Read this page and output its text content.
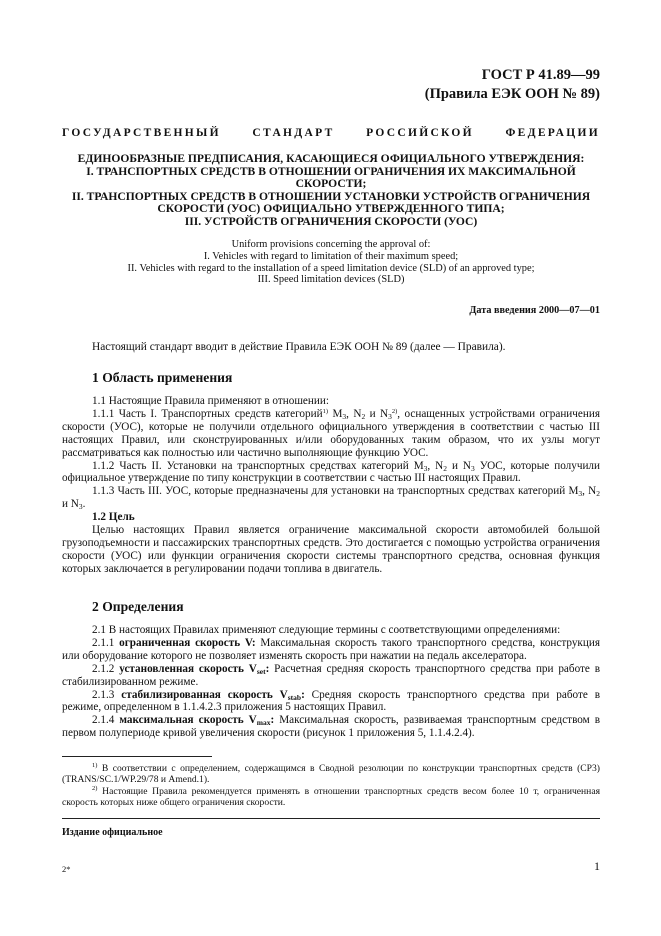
ГОСТ Р 41.89—99
(Правила ЕЭК ООН № 89)
ГОСУДАРСТВЕННЫЙ СТАНДАРТ РОССИЙСКОЙ ФЕДЕРАЦИИ
ЕДИНООБРАЗНЫЕ ПРЕДПИСАНИЯ, КАСАЮЩИЕСЯ ОФИЦИАЛЬНОГО УТВЕРЖДЕНИЯ:
I. ТРАНСПОРТНЫХ СРЕДСТВ В ОТНОШЕНИИ ОГРАНИЧЕНИЯ ИХ МАКСИМАЛЬНОЙ
СКОРОСТИ;
II. ТРАНСПОРТНЫХ СРЕДСТВ В ОТНОШЕНИИ УСТАНОВКИ УСТРОЙСТВ ОГРАНИЧЕНИЯ
СКОРОСТИ (УОС) ОФИЦИАЛЬНО УТВЕРЖДЕННОГО ТИПА;
III. УСТРОЙСТВ ОГРАНИЧЕНИЯ СКОРОСТИ (УОС)
Uniform provisions concerning the approval of:
I. Vehicles with regard to limitation of their maximum speed;
II. Vehicles with regard to the installation of a speed limitation device (SLD) of an approved type;
III. Speed limitation devices (SLD)
Дата введения 2000—07—01
Настоящий стандарт вводит в действие Правила ЕЭК ООН № 89 (далее — Правила).
1 Область применения

1.1 Настоящие Правила применяют в отношении:

1.1.1 Часть I. Транспортных средств категорий$^{1)}$ $M_3$, $N_2$ и $N_3^{2)}$, оснащенных устройствами ограничения скорости (УОС), которые не получили отдельного официального утверждения в соответствии с частью III настоящих Правил, или сконструированных и/или оборудованных таким образом, что их узлы могут рассматриваться как полностью или частично выполняющие функцию УОС.

1.1.2 Часть II. Установки на транспортных средствах категорий $M_3$, $N_2$ и $N_3$ УОС, которые получили официальное утверждение по типу конструкции в соответствии с частью III настоящих Правил.

1.1.3 Часть III. УОС, которые предназначены для установки на транспортных средствах категорий $M_3$, $N_2$ и $N_3$.

1.2 Цель

Целью настоящих Правил является ограничение максимальной скорости автомобилей большой грузоподъемности и пассажирских транспортных средств. Это достигается с помощью устройства ограничения скорости (УОС) или функции ограничения скорости системы транспортного средства, основная функция которых заключается в регулировании подачи топлива в двигатель.

2 Определения

2.1 В настоящих Правилах применяют следующие термины с соответствующими определениями:

2.1.1 ограниченная скорость V: Максимальная скорость такого транспортного средства, конструкция или оборудование которого не позволяет изменять скорость при нажатии на педаль акселератора.

2.1.2 установленная скорость $V_{set}$: Расчетная средняя скорость транспортного средства при работе в стабилизированном режиме.

2.1.3 стабилизированная скорость $V_{stab}$: Средняя скорость транспортного средства при работе в режиме, определенном в 1.1.4.2.3 приложения 5 настоящих Правил.

2.1.4 максимальная скорость $V_{max}$: Максимальная скорость, развиваемая транспортным средством в первом полупериоде кривой увеличения скорости (рисунок 1 приложения 5, 1.1.4.2.4).

$^{1)}$ В соответствии с определением, содержащимся в Сводной резолюции по конструкции транспортных средств (СР3) (TRANS/SC.1/WP.29/78 и Amend.1).

$^{2)}$ Настоящие Правила рекомендуется применять в отношении транспортных средств весом более 10 т, ограниченная скорость которых ниже общего ограничения скорости.

Издание официальное
2*	1
